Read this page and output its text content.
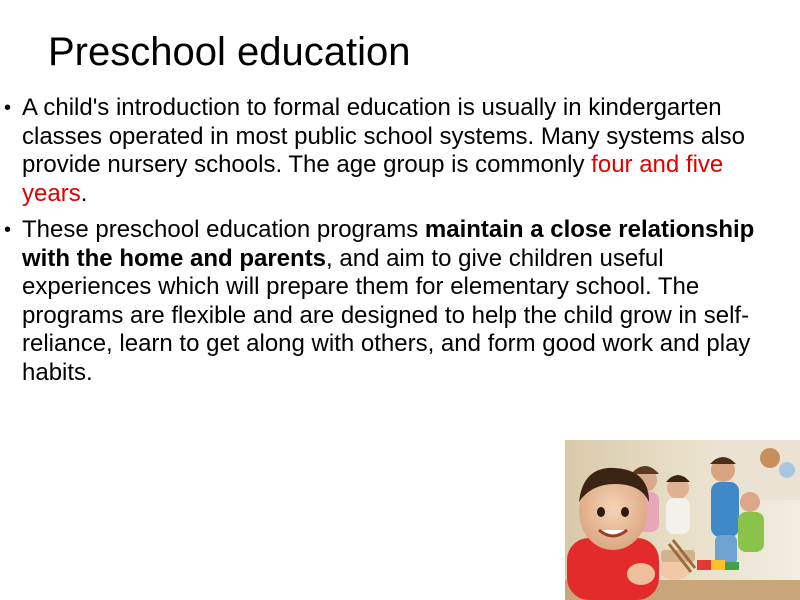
Preschool education
• A child's introduction to formal education is usually in kindergarten classes operated in most public school systems. Many systems also provide nursery schools. The age group is commonly four and five years.
• These preschool education programs maintain a close relationship with the home and parents, and aim to give children useful experiences which will prepare them for elementary school. The programs are flexible and are designed to help the child grow in self-reliance, learn to get along with others, and form good work and play habits.
